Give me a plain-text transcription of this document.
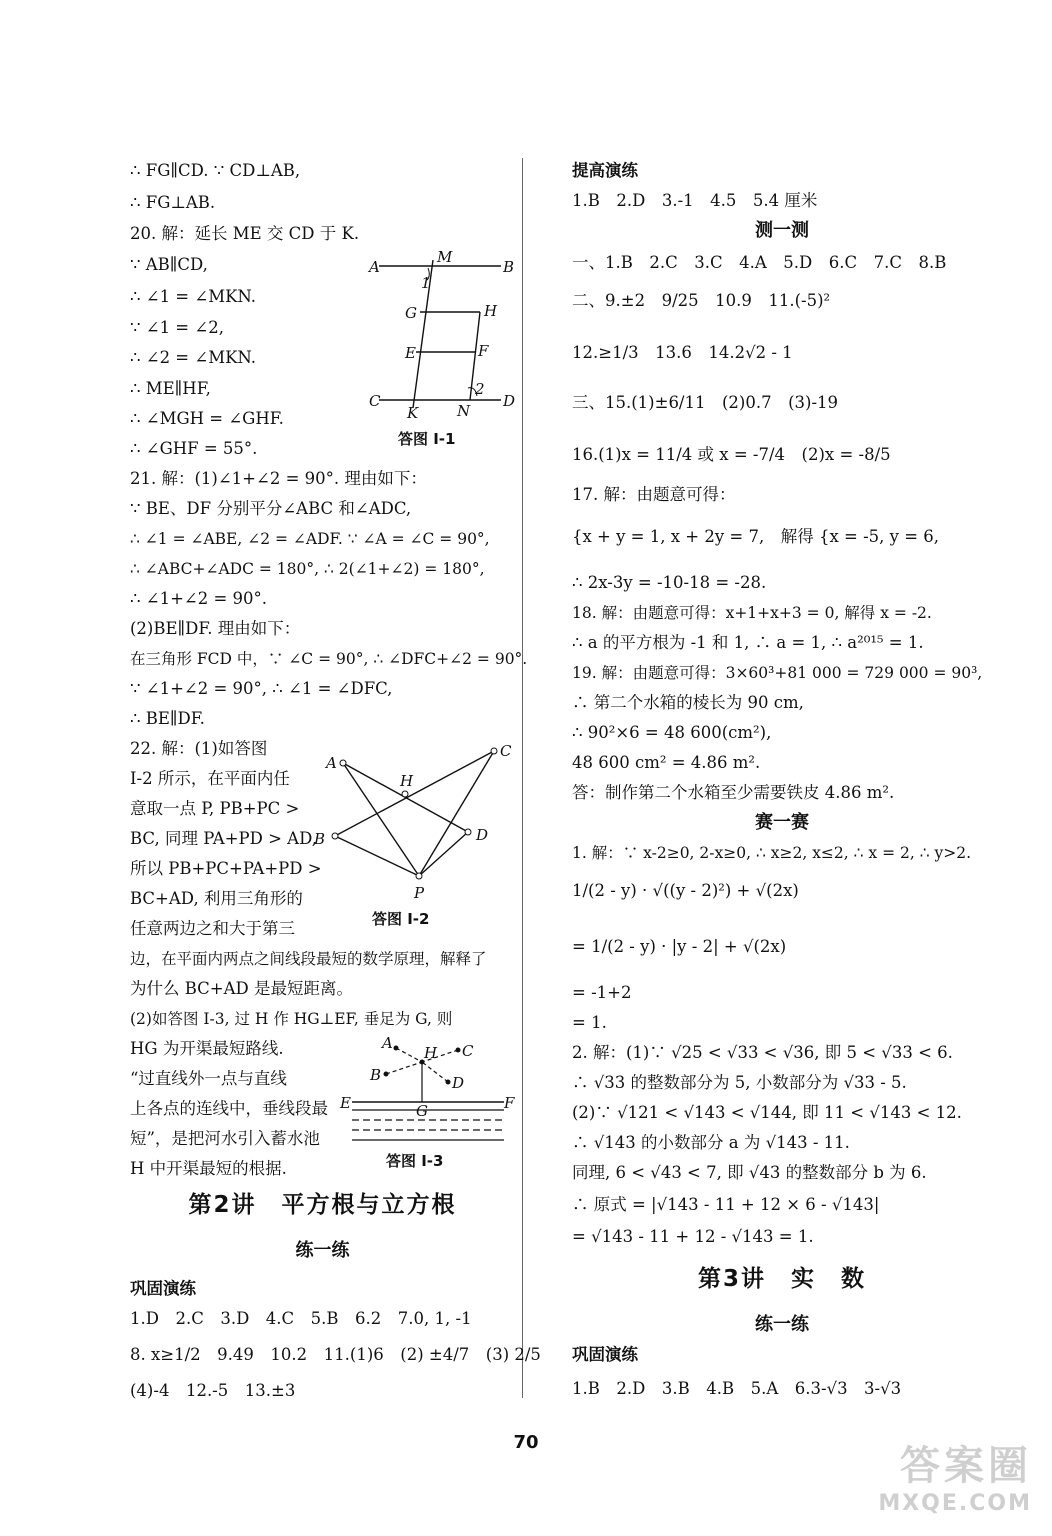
∴ FG∥CD. ∵ CD⊥AB,
∴ FG⊥AB.
20. 解：延长 ME 交 CD 于 K.
∵ AB∥CD,
∴ ∠1 = ∠MKN.
∵ ∠1 = ∠2,
∴ ∠2 = ∠MKN.
∴ ME∥HF,
∴ ∠MGH = ∠GHF.
∴ ∠GHF = 55°.
21. 解：(1)∠1+∠2 = 90°. 理由如下：
∵ BE、DF 分别平分∠ABC 和∠ADC,
∴ ∠1 = ∠ABE, ∠2 = ∠ADF. ∵ ∠A = ∠C = 90°,
∴ ∠ABC+∠ADC = 180°, ∴ 2(∠1+∠2) = 180°,
∴ ∠1+∠2 = 90°.
(2)BE∥DF. 理由如下：
在三角形 FCD 中，∵ ∠C = 90°, ∴ ∠DFC+∠2 = 90°.
∵ ∠1+∠2 = 90°, ∴ ∠1 = ∠DFC,
∴ BE∥DF.
22. 解：(1)如答图
Ⅰ-2 所示，在平面内任
意取一点 P, PB+PC >
BC, 同理 PA+PD > AD,
所以 PB+PC+PA+PD >
BC+AD, 利用三角形的
任意两边之和大于第三
边，在平面内两点之间线段最短的数学原理，解释了
为什么 BC+AD 是最短距离。
(2)如答图 Ⅰ-3, 过 H 作 HG⊥EF, 垂足为 G, 则
HG 为开渠最短路线.
“过直线外一点与直线
上各点的连线中，垂线段最
短”，是把河水引入蓄水池
H 中开渠最短的根据.
第2讲　平方根与立方根
练一练
巩固演练
1.D　2.C　3.D　4.C　5.B　6.2　7.0, 1, -1
8. x≥1/2　9.49　10.2　11.(1)6　(2) ±4/7　(3) 2/5
(4)-4　12.-5　13.±3
A
M
B
1
G	H
E	F
2
C
K	N
D
答图 Ⅰ-1
A
C
H
B	D
P
答图 Ⅰ-2
A
H C
B	D
E	G	F
答图 Ⅰ-3
提高演练
1.B　2.D　3.-1　4.5　5.4 厘米
测一测
一、1.B　2.C　3.C　4.A　5.D　6.C　7.C　8.B
二、9.±2　9/25　10.9　11.(-5)²
12.≥1/3　13.6　14.2√2 - 1
三、15.(1)±6/11　(2)0.7　(3)-19
16.(1)x = 11/4 或 x = -7/4　(2)x = -8/5
17. 解：由题意可得：
{x + y = 1, x + 2y = 7,　解得 {x = -5, y = 6,
∴ 2x-3y = -10-18 = -28.
18. 解：由题意可得：x+1+x+3 = 0, 解得 x = -2.
∴ a 的平方根为 -1 和 1, ∴ a = 1, ∴ a²⁰¹⁵ = 1.
19. 解：由题意可得：3×60³+81 000 = 729 000 = 90³,
∴ 第二个水箱的棱长为 90 cm,
∴ 90²×6 = 48 600(cm²),
48 600 cm² = 4.86 m².
答：制作第二个水箱至少需要铁皮 4.86 m².
赛一赛
1. 解：∵ x-2≥0, 2-x≥0, ∴ x≥2, x≤2, ∴ x = 2, ∴ y>2.
1/(2 - y) · √((y - 2)²) + √(2x)
= 1/(2 - y) · |y - 2| + √(2x)
= -1+2
= 1.
2. 解：(1)∵ √25 < √33 < √36, 即 5 < √33 < 6.
∴ √33 的整数部分为 5, 小数部分为 √33 - 5.
(2)∵ √121 < √143 < √144, 即 11 < √143 < 12.
∴ √143 的小数部分 a 为 √143 - 11.
同理, 6 < √43 < 7, 即 √43 的整数部分 b 为 6.
∴ 原式 = |√143 - 11 + 12 × 6 - √143|
= √143 - 11 + 12 - √143 = 1.
第3讲　实　数
练一练
巩固演练
1.B　2.D　3.B　4.B　5.A　6.3-√3　3-√3
70
答案圈
MXQE.COM
